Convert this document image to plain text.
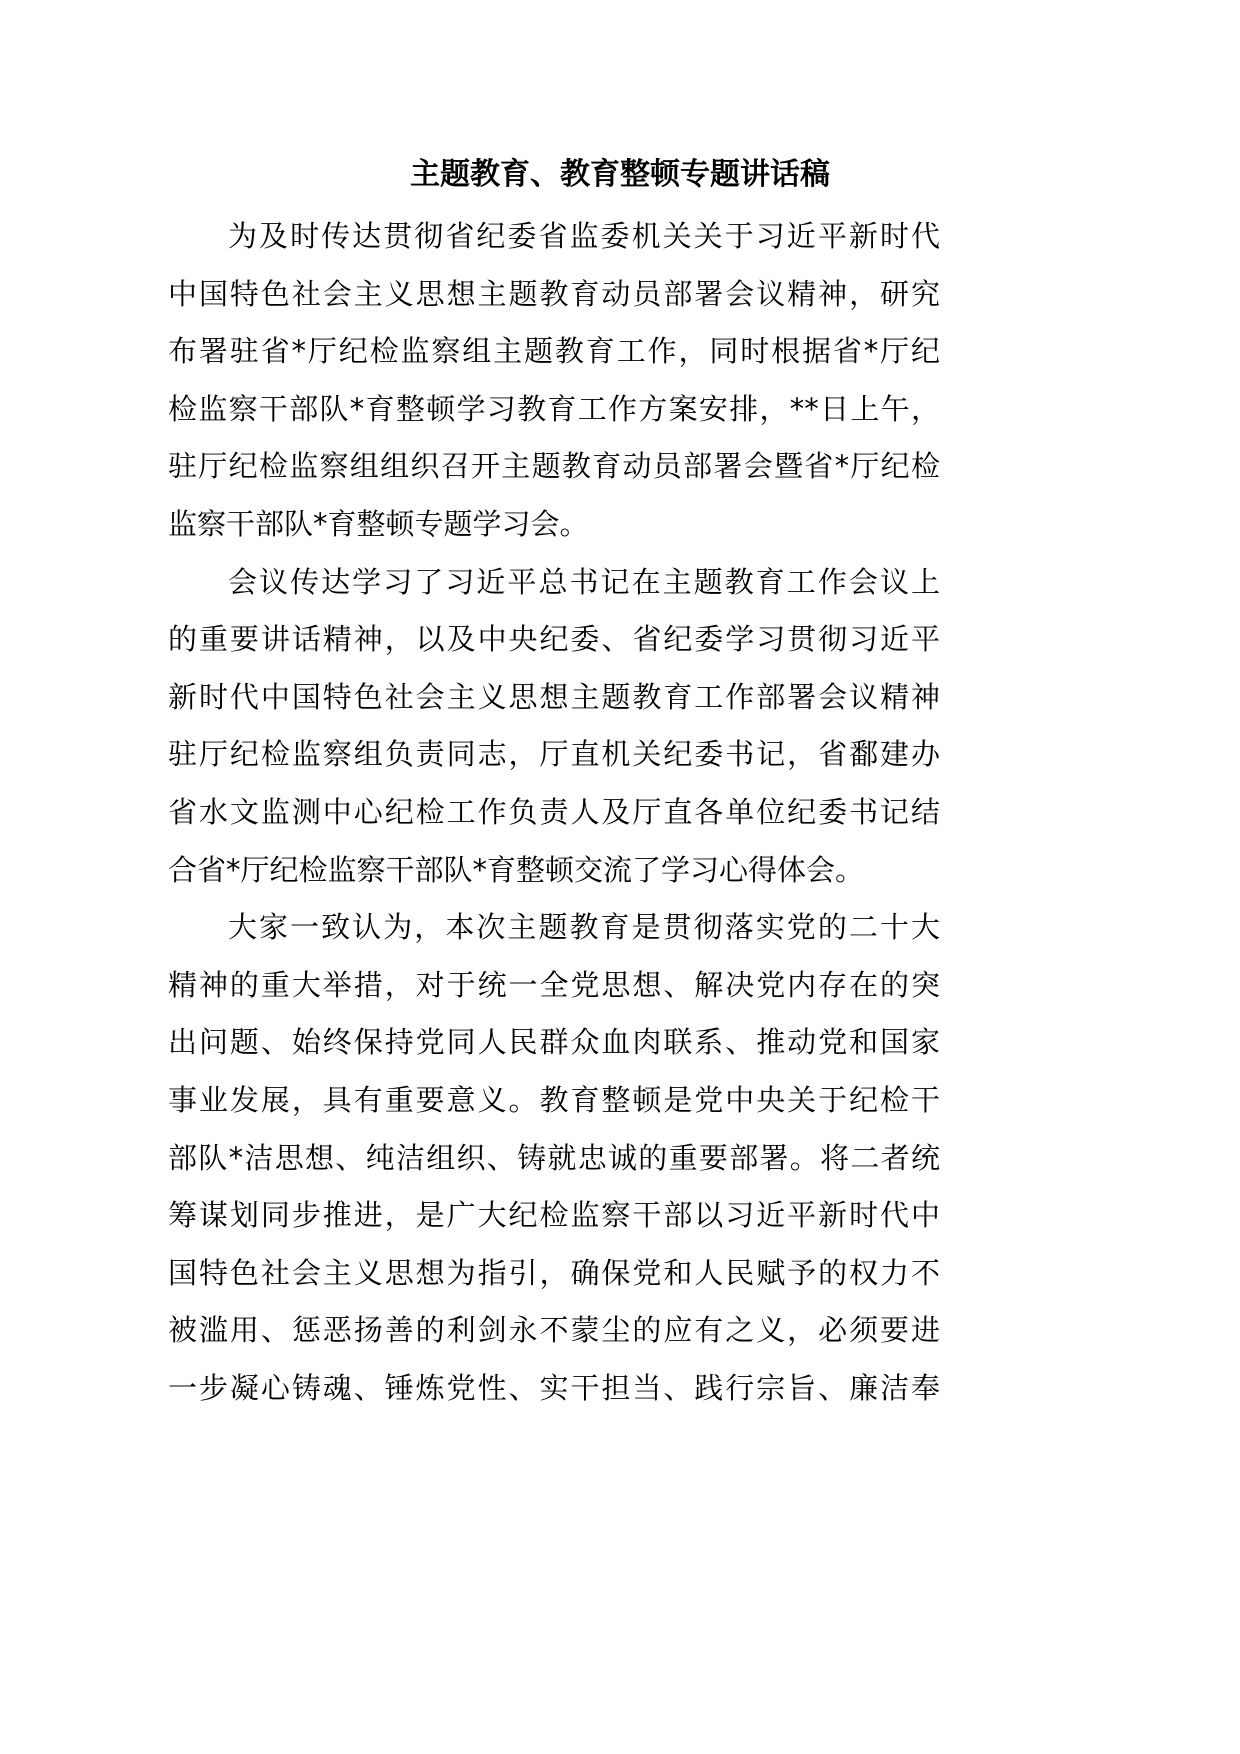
主题教育、教育整顿专题讲话稿
为及时传达贯彻省纪委省监委机关关于习近平新时代
中国特色社会主义思想主题教育动员部署会议精神，研究
布署驻省*厅纪检监察组主题教育工作，同时根据省*厅纪
检监察干部队*育整顿学习教育工作方案安排，**日上午，
驻厅纪检监察组组织召开主题教育动员部署会暨省*厅纪检
监察干部队*育整顿专题学习会。
会议传达学习了习近平总书记在主题教育工作会议上
的重要讲话精神，以及中央纪委、省纪委学习贯彻习近平
新时代中国特色社会主义思想主题教育工作部署会议精神
驻厅纪检监察组负责同志，厅直机关纪委书记，省鄱建办
省水文监测中心纪检工作负责人及厅直各单位纪委书记结
合省*厅纪检监察干部队*育整顿交流了学习心得体会。
大家一致认为，本次主题教育是贯彻落实党的二十大
精神的重大举措，对于统一全党思想、解决党内存在的突
出问题、始终保持党同人民群众血肉联系、推动党和国家
事业发展，具有重要意义。教育整顿是党中央关于纪检干
部队*洁思想、纯洁组织、铸就忠诚的重要部署。将二者统
筹谋划同步推进，是广大纪检监察干部以习近平新时代中
国特色社会主义思想为指引，确保党和人民赋予的权力不
被滥用、惩恶扬善的利剑永不蒙尘的应有之义，必须要进
一步凝心铸魂、锤炼党性、实干担当、践行宗旨、廉洁奉
